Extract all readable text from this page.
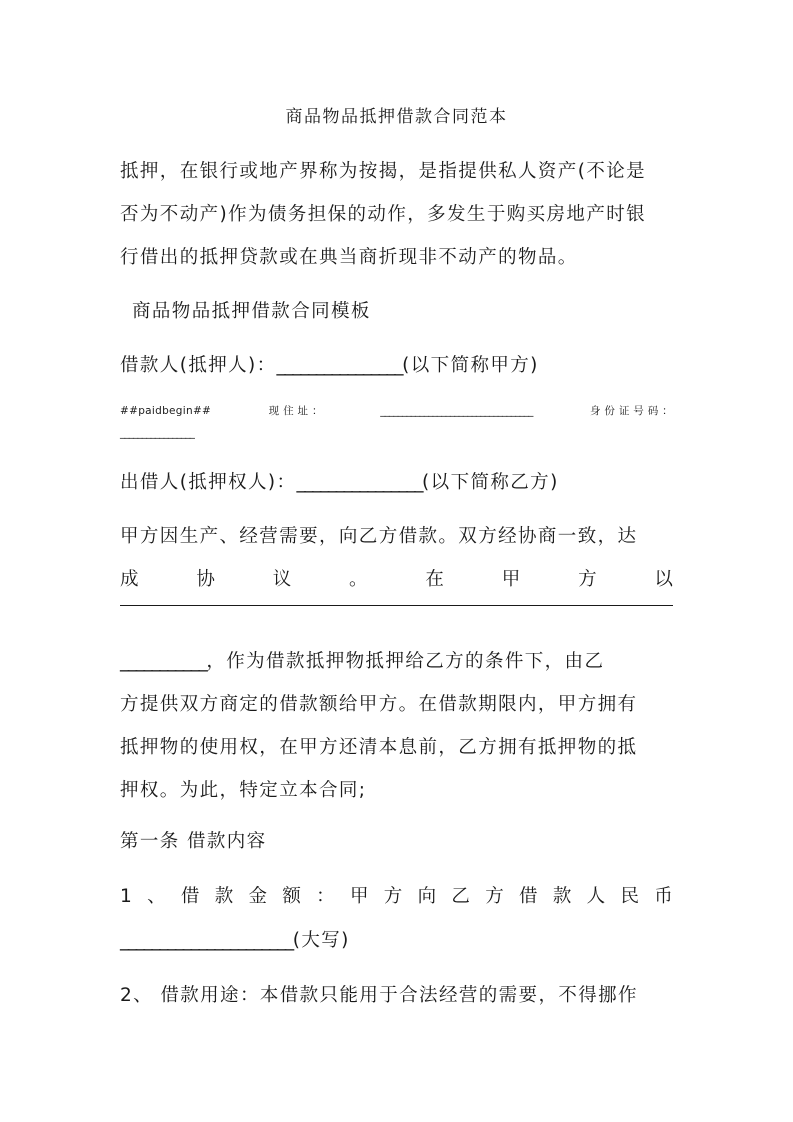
商品物品抵押借款合同范本
抵押，在银行或地产界称为按揭，是指提供私人资产(不论是
否为不动产)作为债务担保的动作，多发生于购买房地产时银
行借出的抵押贷款或在典当商折现非不动产的物品。
商品物品抵押借款合同模板
借款人(抵押人)：________________(以下简称甲方)
##paidbegin##	现 住 址 ：	___________________________________	身 份 证 号 码 ：
_________________
出借人(抵押权人)：________________(以下简称乙方)
甲方因生产、经营需要，向乙方借款。双方经协商一致，达
成	协	议	。	在	甲	方	以
___________，作为借款抵押物抵押给乙方的条件下，由乙
方提供双方商定的借款额给甲方。在借款期限内，甲方拥有
抵押物的使用权，在甲方还清本息前，乙方拥有抵押物的抵
押权。为此，特定立本合同;
第一条 借款内容
1 、 借 款 金 额 ： 甲 方 向 乙 方 借 款 人 民 币
______________________(大写)
2、 借款用途：本借款只能用于合法经营的需要，不得挪作
